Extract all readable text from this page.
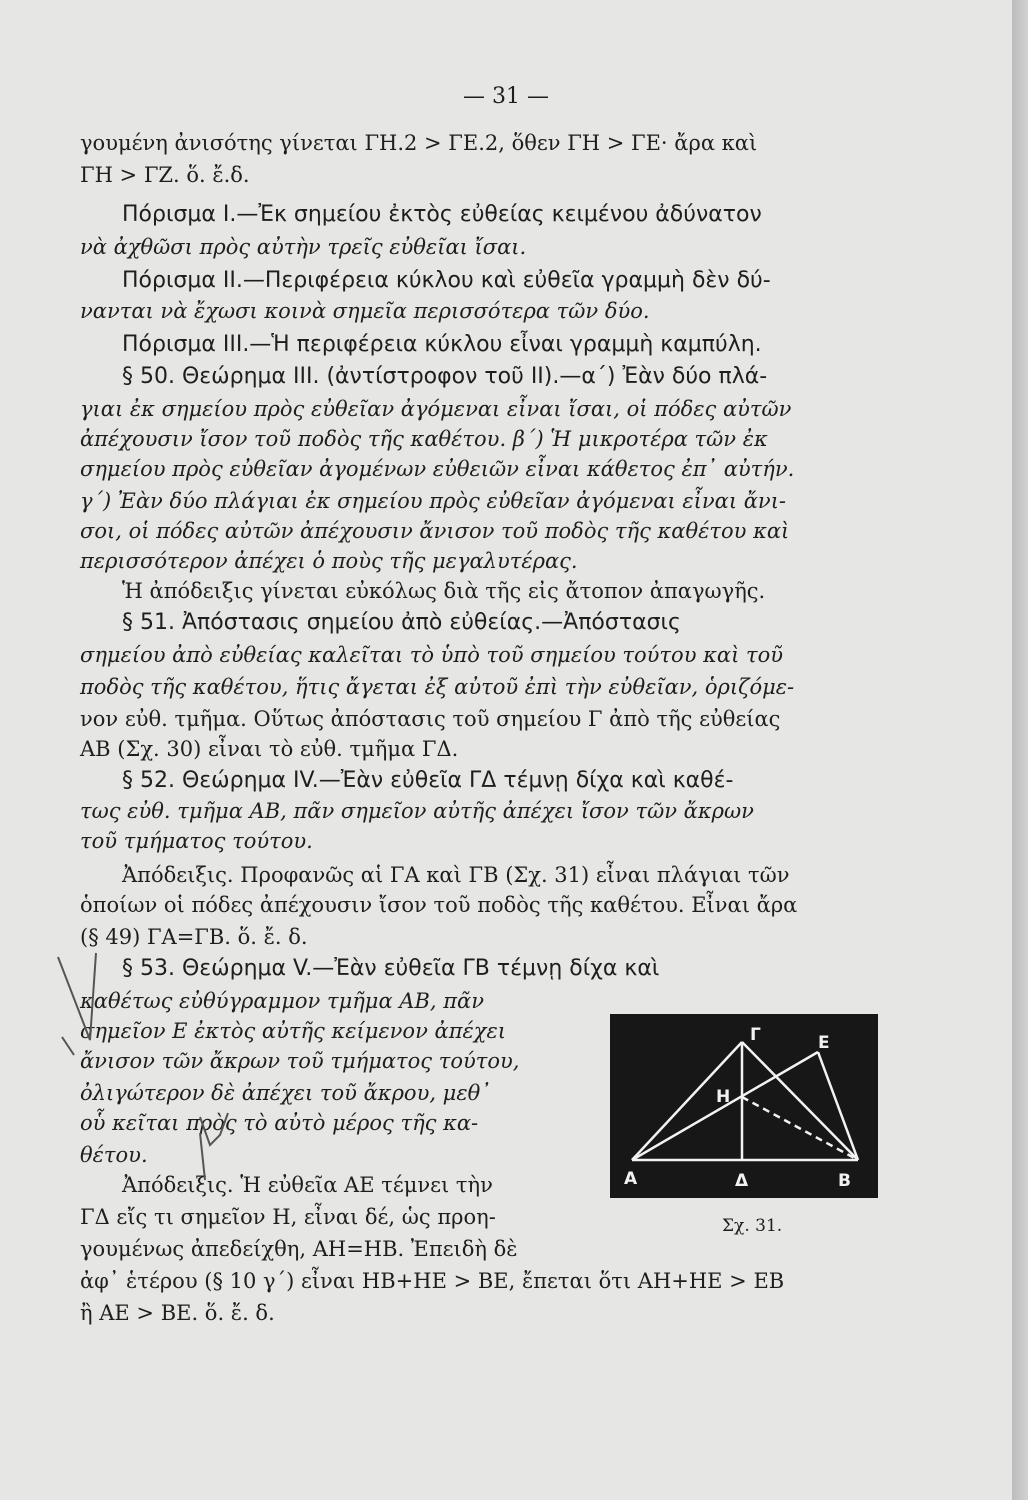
— 31 —
γουμένη ἀνισότης γίνεται ΓΗ.2 > ΓΕ.2, ὅθεν ΓΗ > ΓΕ· ἄρα καὶ
ΓΗ > ΓΖ. ὅ. ἔ.δ.
Πόρισμα I.—Ἐκ σημείου ἐκτὸς εὐθείας κειμένου ἀδύνατον
νὰ ἀχθῶσι πρὸς αὐτὴν τρεῖς εὐθεῖαι ἴσαι.
Πόρισμα II.—Περιφέρεια κύκλου καὶ εὐθεῖα γραμμὴ δὲν δύ-
νανται νὰ ἔχωσι κοινὰ σημεῖα περισσότερα τῶν δύο.
Πόρισμα III.—Ἡ περιφέρεια κύκλου εἶναι γραμμὴ καμπύλη.
§ 50. Θεώρημα III. (ἀντίστροφον τοῦ II).—α΄) Ἐὰν δύο πλά-
γιαι ἐκ σημείου πρὸς εὐθεῖαν ἀγόμεναι εἶναι ἴσαι, οἱ πόδες αὐτῶν
ἀπέχουσιν ἴσον τοῦ ποδὸς τῆς καθέτου. β΄) Ἡ μικροτέρα τῶν ἐκ
σημείου πρὸς εὐθεῖαν ἀγομένων εὐθειῶν εἶναι κάθετος ἐπ᾿ αὐτήν.
γ΄) Ἐὰν δύο πλάγιαι ἐκ σημείου πρὸς εὐθεῖαν ἀγόμεναι εἶναι ἄνι-
σοι, οἱ πόδες αὐτῶν ἀπέχουσιν ἄνισον τοῦ ποδὸς τῆς καθέτου καὶ
περισσότερον ἀπέχει ὁ ποὺς τῆς μεγαλυτέρας.
Ἡ ἀπόδειξις γίνεται εὐκόλως διὰ τῆς εἰς ἄτοπον ἀπαγωγῆς.
§ 51. Ἀπόστασις σημείου ἀπὸ εὐθείας.—Ἀπόστασις
σημείου ἀπὸ εὐθείας καλεῖται τὸ ὑπὸ τοῦ σημείου τούτου καὶ τοῦ
ποδὸς τῆς καθέτου, ἥτις ἄγεται ἐξ αὐτοῦ ἐπὶ τὴν εὐθεῖαν, ὁριζόμε-
νον εὐθ. τμῆμα. Οὕτως ἀπόστασις τοῦ σημείου Γ ἀπὸ τῆς εὐθείας
ΑΒ (Σχ. 30) εἶναι τὸ εὐθ. τμῆμα ΓΔ.
§ 52. Θεώρημα IV.—Ἐὰν εὐθεῖα ΓΔ τέμνῃ δίχα καὶ καθέ-
τως εὐθ. τμῆμα ΑΒ, πᾶν σημεῖον αὐτῆς ἀπέχει ἴσον τῶν ἄκρων
τοῦ τμήματος τούτου.
Ἀπόδειξις. Προφανῶς αἱ ΓΑ καὶ ΓΒ (Σχ. 31) εἶναι πλάγιαι τῶν
ὁποίων οἱ πόδες ἀπέχουσιν ἴσον τοῦ ποδὸς τῆς καθέτου. Εἶναι ἄρα
(§ 49) ΓΑ=ΓΒ. ὅ. ἔ. δ.
§ 53. Θεώρημα V.—Ἐὰν εὐθεῖα ΓΒ τέμνῃ δίχα καὶ
καθέτως εὐθύγραμμον τμῆμα ΑΒ, πᾶν
σημεῖον Ε ἐκτὸς αὐτῆς κείμενον ἀπέχει
ἄνισον τῶν ἄκρων τοῦ τμήματος τούτου,
ὀλιγώτερον δὲ ἀπέχει τοῦ ἄκρου, μεθ᾿
οὗ κεῖται πρὸς τὸ αὐτὸ μέρος τῆς κα-
θέτου.
Ἀπόδειξις. Ἡ εὐθεῖα ΑΕ τέμνει τὴν
ΓΔ εἴς τι σημεῖον Η, εἶναι δέ, ὡς προη-
γουμένως ἀπεδείχθη, ΑΗ=ΗΒ. Ἐπειδὴ δὲ
ἀφ᾿ ἑτέρου (§ 10 γ΄) εἶναι ΗΒ+ΗΕ > ΒΕ, ἔπεται ὅτι ΑΗ+ΗΕ > ΕΒ
ἢ ΑΕ > ΒΕ. ὅ. ἔ. δ.
Α	Δ	Β
Γ
Η
Ε
Σχ. 31.
